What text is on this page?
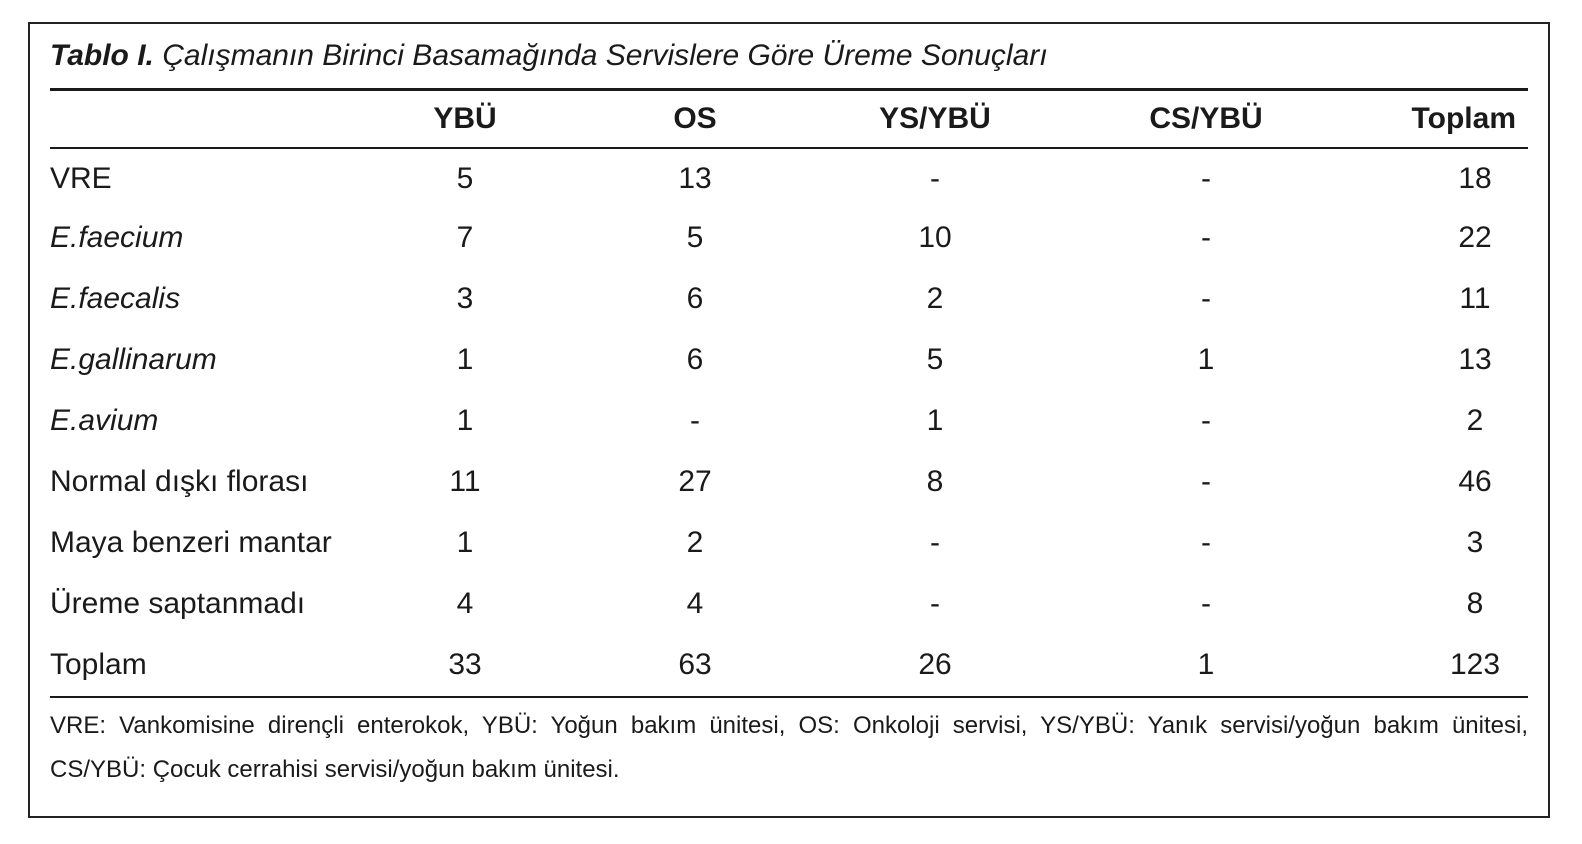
Tablo I. Çalışmanın Birinci Basamağında Servislere Göre Üreme Sonuçları
	YBÜ	OS	YS/YBÜ	CS/YBÜ	Toplam
VRE	5	13	-	-	18
E.faecium	7	5	10	-	22
E.faecalis	3	6	2	-	11
E.gallinarum	1	6	5	1	13
E.avium	1	-	1	-	2
Normal dışkı florası	11	27	8	-	46
Maya benzeri mantar	1	2	-	-	3
Üreme saptanmadı	4	4	-	-	8
Toplam	33	63	26	1	123
VRE: Vankomisine dirençli enterokok, YBÜ: Yoğun bakım ünitesi, OS: Onkoloji servisi, YS/YBÜ: Yanık servisi/yoğun bakım ünitesi, CS/YBÜ: Çocuk cerrahisi servisi/yoğun bakım ünitesi.
